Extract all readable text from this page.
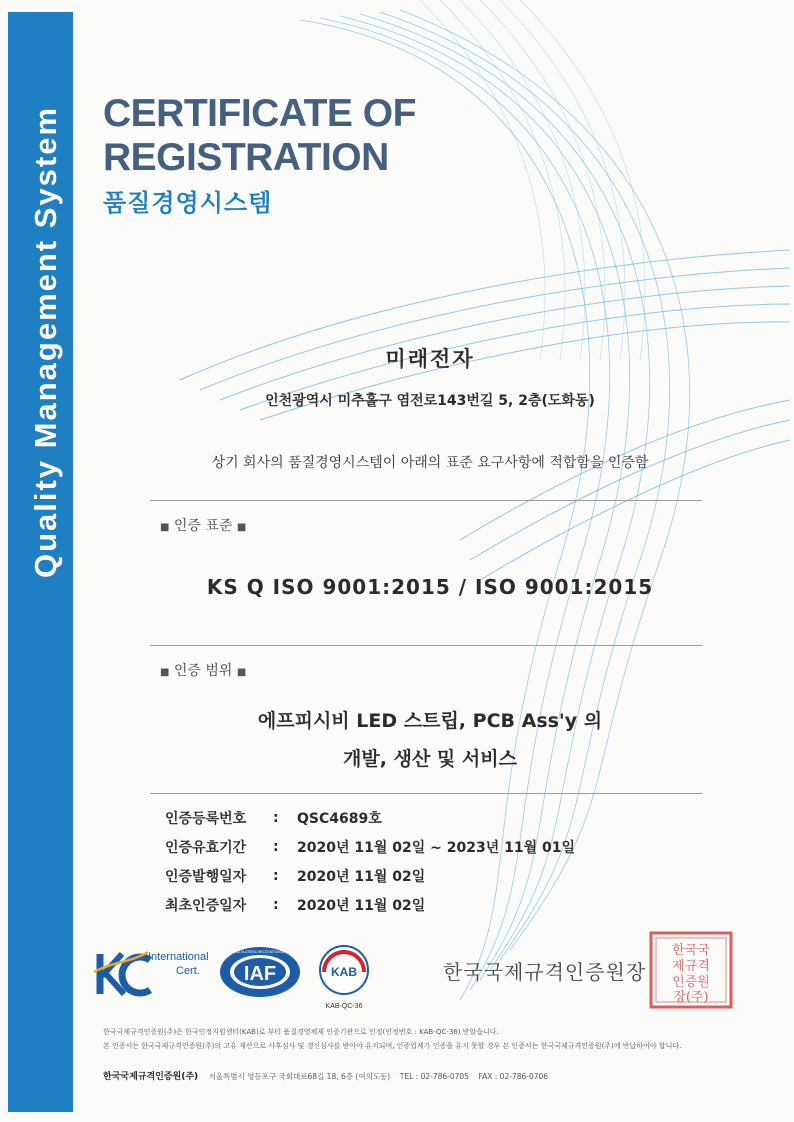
Quality Management System CERTIFICATE OF
REGISTRATION
품질경영시스템
미래전자
인천광역시 미추홀구 염전로143번길 5, 2층(도화동)
상기 회사의 품질경영시스템이 아래의 표준 요구사항에 적합함을 인증함
■ 인증 표준 ■
KS Q ISO 9001:2015 / ISO 9001:2015
■ 인증 범위 ■
에프피시비 LED 스트립, PCB Ass'y 의
개발, 생산 및 서비스
인증등록번호	:	QSC4689호
인증유효기간	:	2020년 11월 02일 ~ 2023년 11월 01일
인증발행일자	:	2020년 11월 02일
최초인증일자	:	2020년 11월 02일
International
Cert. IAF
MEMBER OF MULTILATERAL RECOGNITION ARRANGEMENT
KAB
KAB-QC-36
한국국제규격인증원장
한국국
제규격
인증원
장(주)
한국국제규격인증원(주)은 한국인정지원센터(KAB)로 부터 품질경영체제 인증기관으로 인정(인정번호 : KAB-QC-36) 받았습니다.
본 인증서는 한국국제규격인증원(주)의 고유 재산으로 사후심사 및 갱신심사를 받아야 유지되며, 인증업체가 인증을 유지 못할 경우 본 인증서는 한국국제규격인증원(주)에 반납하여야 합니다.
한국국제규격인증원(주) 서울특별시 영등포구 국회대로68길 18, 6층 (여의도동) TEL : 02-786-0705 FAX : 02-786-0706
